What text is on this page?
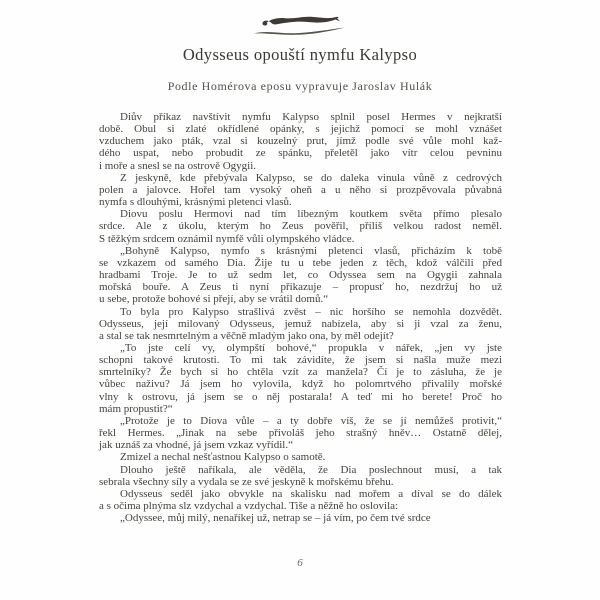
Odysseus opouští nymfu Kalypso
Podle Homérova eposu vypravuje Jaroslav Hulák

Diův příkaz navštívit nymfu Kalypso splnil posel Hermes v nejkratší
době. Obul si zlaté okřídlené opánky, s jejichž pomocí se mohl vznášet
vzduchem jako pták, vzal si kouzelný prut, jímž podle své vůle mohl kaž-
dého uspat, nebo probudit ze spánku, přeletěl jako vítr celou pevninu
i moře a snesl se na ostrově Ogygii.

Z jeskyně, kde přebývala Kalypso, se do daleka vinula vůně z cedrových
polen a jalovce. Hořel tam vysoký oheň a u něho si prozpěvovala půvabná
nymfa s dlouhými, krásnými pletenci vlasů.

Diovu poslu Hermovi nad tím líbezným koutkem světa přímo plesalo
srdce. Ale z úkolu, kterým ho Zeus pověřil, příliš velkou radost neměl.
S těžkým srdcem oznámil nymfě vůli olympského vládce.

„Bohyně Kalypso, nymfo s krásnými pletenci vlasů, přicházím k tobě
se vzkazem od samého Dia. Žije tu u tebe jeden z těch, kdož válčili před
hradbami Troje. Je to už sedm let, co Odyssea sem na Ogygii zahnala
mořská bouře. A Zeus ti nyní přikazuje – propusť ho, nezdržuj ho už
u sebe, protože bohové si přejí, aby se vrátil domů.“

To byla pro Kalypso strašlivá zvěst – nic horšího se nemohla dozvědět.
Odysseus, její milovaný Odysseus, jemuž nabízela, aby si ji vzal za ženu,
a stal se tak nesmrtelným a věčně mladým jako ona, by měl odejít?

„To jste celí vy, olympští bohové,“ propukla v nářek, „jen vy jste
schopni takové krutosti. To mi tak závidíte, že jsem si našla muže mezi
smrtelníky? Že bych si ho chtěla vzít za manžela? Čí je to zásluha, že je
vůbec naživu? Já jsem ho vylovila, když ho polomrtvého přivalily mořské
vlny k ostrovu, já jsem se o něj postarala! A teď mi ho berete! Proč ho
mám propustit?“

„Protože je to Diova vůle – a ty dobře víš, že se jí nemůžeš protivit,“
řekl Hermes. „Jinak na sebe přivoláš jeho strašný hněv… Ostatně dělej,
jak uznáš za vhodné, já jsem vzkaz vyřídil.“

Zmizel a nechal nešťastnou Kalypso o samotě.

Dlouho ještě naříkala, ale věděla, že Dia poslechnout musí, a tak
sebrala všechny síly a vydala se ze své jeskyně k mořskému břehu.

Odysseus seděl jako obvykle na skalisku nad mořem a díval se do dálek
a s očima plnýma slz vzdychal a vzdychal. Tiše a něžně ho oslovila:

„Odyssee, můj milý, nenaříkej už, netrap se – já vím, po čem tvé srdce

6
